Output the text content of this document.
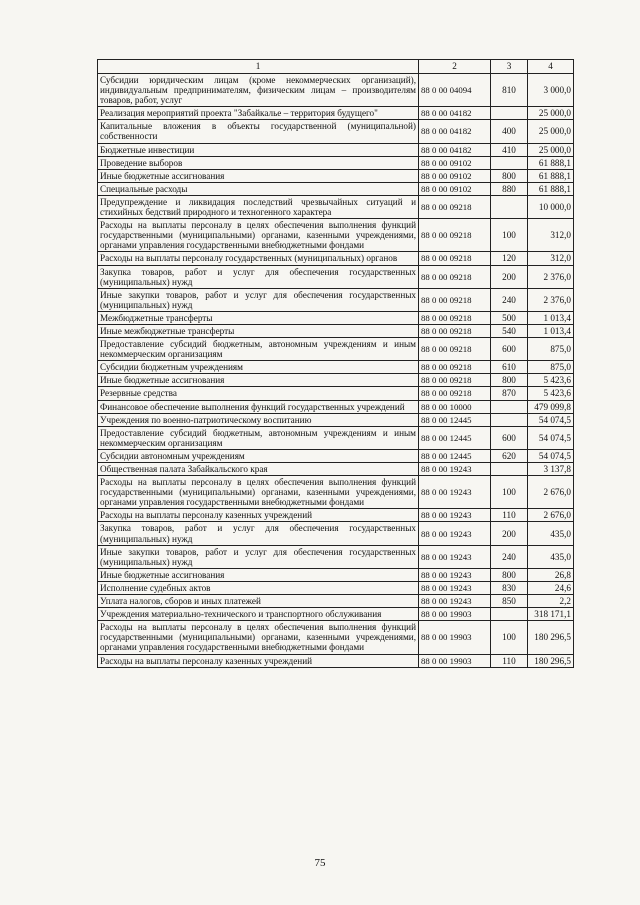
1	2	3	4
Субсидии юридическим лицам (кроме некоммерческих организаций), индивидуальным предпринимателям, физическим лицам – производителям товаров, работ, услуг	88 0 00 04094	810	3 000,0
Реализация мероприятий проекта "Забайкалье – территория будущего"	88 0 00 04182		25 000,0
Капитальные вложения в объекты государственной (муниципальной) собственности	88 0 00 04182	400	25 000,0
Бюджетные инвестиции	88 0 00 04182	410	25 000,0
Проведение выборов	88 0 00 09102		61 888,1
Иные бюджетные ассигнования	88 0 00 09102	800	61 888,1
Специальные расходы	88 0 00 09102	880	61 888,1
Предупреждение и ликвидация последствий чрезвычайных ситуаций и стихийных бедствий природного и техногенного характера	88 0 00 09218		10 000,0
Расходы на выплаты персоналу в целях обеспечения выполнения функций государственными (муниципальными) органами, казенными учреждениями, органами управления государственными внебюджетными фондами	88 0 00 09218	100	312,0
Расходы на выплаты персоналу государственных (муниципальных) органов	88 0 00 09218	120	312,0
Закупка товаров, работ и услуг для обеспечения государственных (муниципальных) нужд	88 0 00 09218	200	2 376,0
Иные закупки товаров, работ и услуг для обеспечения государственных (муниципальных) нужд	88 0 00 09218	240	2 376,0
Межбюджетные трансферты	88 0 00 09218	500	1 013,4
Иные межбюджетные трансферты	88 0 00 09218	540	1 013,4
Предоставление субсидий бюджетным, автономным учреждениям и иным некоммерческим организациям	88 0 00 09218	600	875,0
Субсидии бюджетным учреждениям	88 0 00 09218	610	875,0
Иные бюджетные ассигнования	88 0 00 09218	800	5 423,6
Резервные средства	88 0 00 09218	870	5 423,6
Финансовое обеспечение выполнения функций государственных учреждений	88 0 00 10000		479 099,8
Учреждения по военно-патриотическому воспитанию	88 0 00 12445		54 074,5
Предоставление субсидий бюджетным, автономным учреждениям и иным некоммерческим организациям	88 0 00 12445	600	54 074,5
Субсидии автономным учреждениям	88 0 00 12445	620	54 074,5
Общественная палата Забайкальского края	88 0 00 19243		3 137,8
Расходы на выплаты персоналу в целях обеспечения выполнения функций государственными (муниципальными) органами, казенными учреждениями, органами управления государственными внебюджетными фондами	88 0 00 19243	100	2 676,0
Расходы на выплаты персоналу казенных учреждений	88 0 00 19243	110	2 676,0
Закупка товаров, работ и услуг для обеспечения государственных (муниципальных) нужд	88 0 00 19243	200	435,0
Иные закупки товаров, работ и услуг для обеспечения государственных (муниципальных) нужд	88 0 00 19243	240	435,0
Иные бюджетные ассигнования	88 0 00 19243	800	26,8
Исполнение судебных актов	88 0 00 19243	830	24,6
Уплата налогов, сборов и иных платежей	88 0 00 19243	850	2,2
Учреждения материально-технического и транспортного обслуживания	88 0 00 19903		318 171,1
Расходы на выплаты персоналу в целях обеспечения выполнения функций государственными (муниципальными) органами, казенными учреждениями, органами управления государственными внебюджетными фондами	88 0 00 19903	100	180 296,5
Расходы на выплаты персоналу казенных учреждений	88 0 00 19903	110	180 296,5
75
